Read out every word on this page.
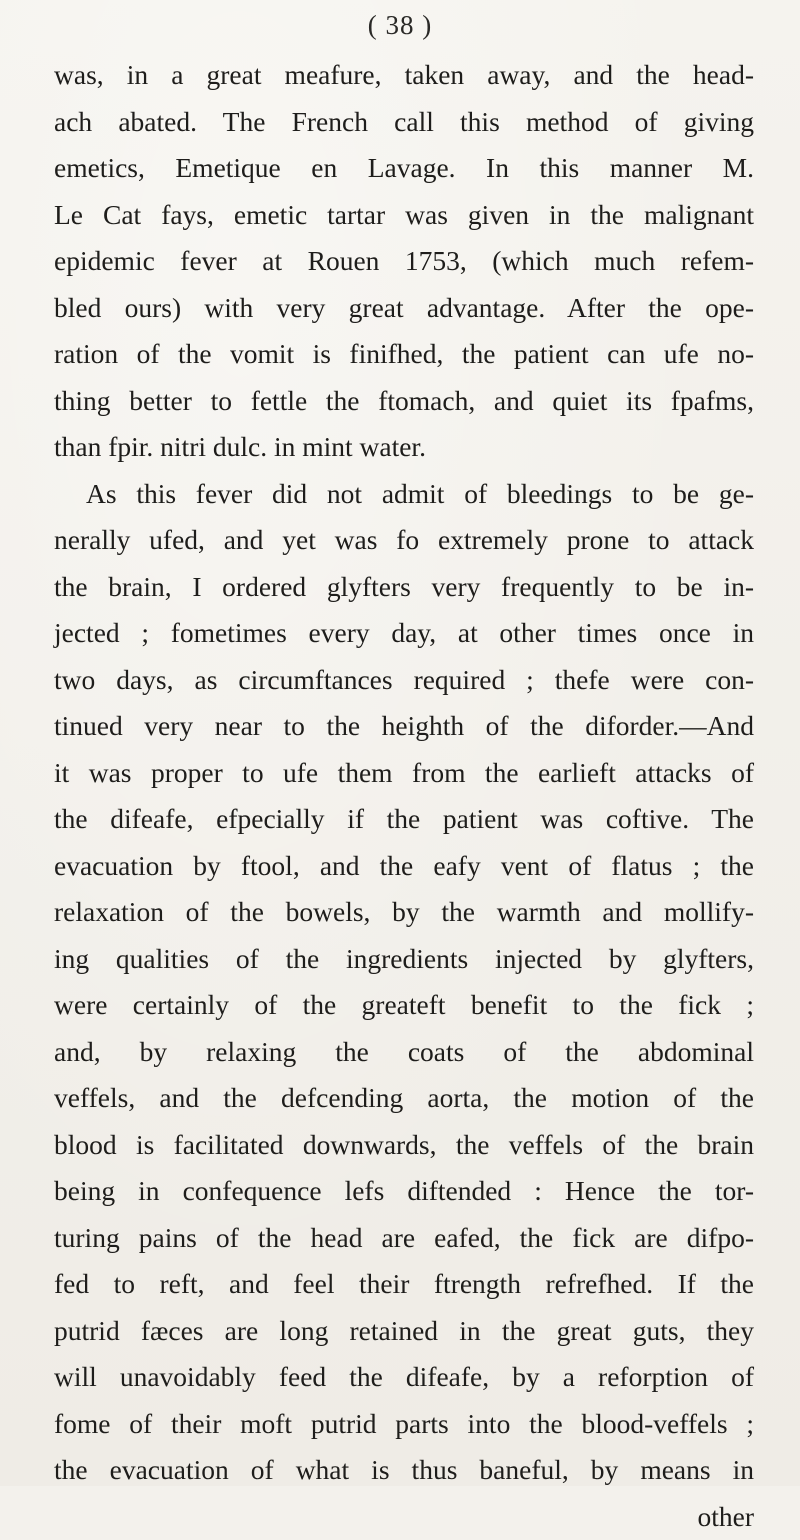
( 38 )
was, in a great meafure, taken away, and the head-
ach abated. The French call this method of giving
emetics, Emetique en Lavage. In this manner M.
Le Cat fays, emetic tartar was given in the malignant
epidemic fever at Rouen 1753, (which much refem-
bled ours) with very great advantage. After the ope-
ration of the vomit is finifhed, the patient can ufe no-
thing better to fettle the ftomach, and quiet its fpafms,
than fpir. nitri dulc. in mint water.
As this fever did not admit of bleedings to be ge-
nerally ufed, and yet was fo extremely prone to attack
the brain, I ordered glyfters very frequently to be in-
jected ; fometimes every day, at other times once in
two days, as circumftances required ; thefe were con-
tinued very near to the heighth of the diforder.—And
it was proper to ufe them from the earlieft attacks of
the difeafe, efpecially if the patient was coftive. The
evacuation by ftool, and the eafy vent of flatus ; the
relaxation of the bowels, by the warmth and mollify-
ing qualities of the ingredients injected by glyfters,
were certainly of the greateft benefit to the fick ;
and, by relaxing the coats of the abdominal
veffels, and the defcending aorta, the motion of the
blood is facilitated downwards, the veffels of the brain
being in confequence lefs diftended : Hence the tor-
turing pains of the head are eafed, the fick are difpo-
fed to reft, and feel their ftrength refrefhed. If the
putrid fæces are long retained in the great guts, they
will unavoidably feed the difeafe, by a reforption of
fome of their moft putrid parts into the blood-veffels ;
the evacuation of what is thus baneful, by means in
other
